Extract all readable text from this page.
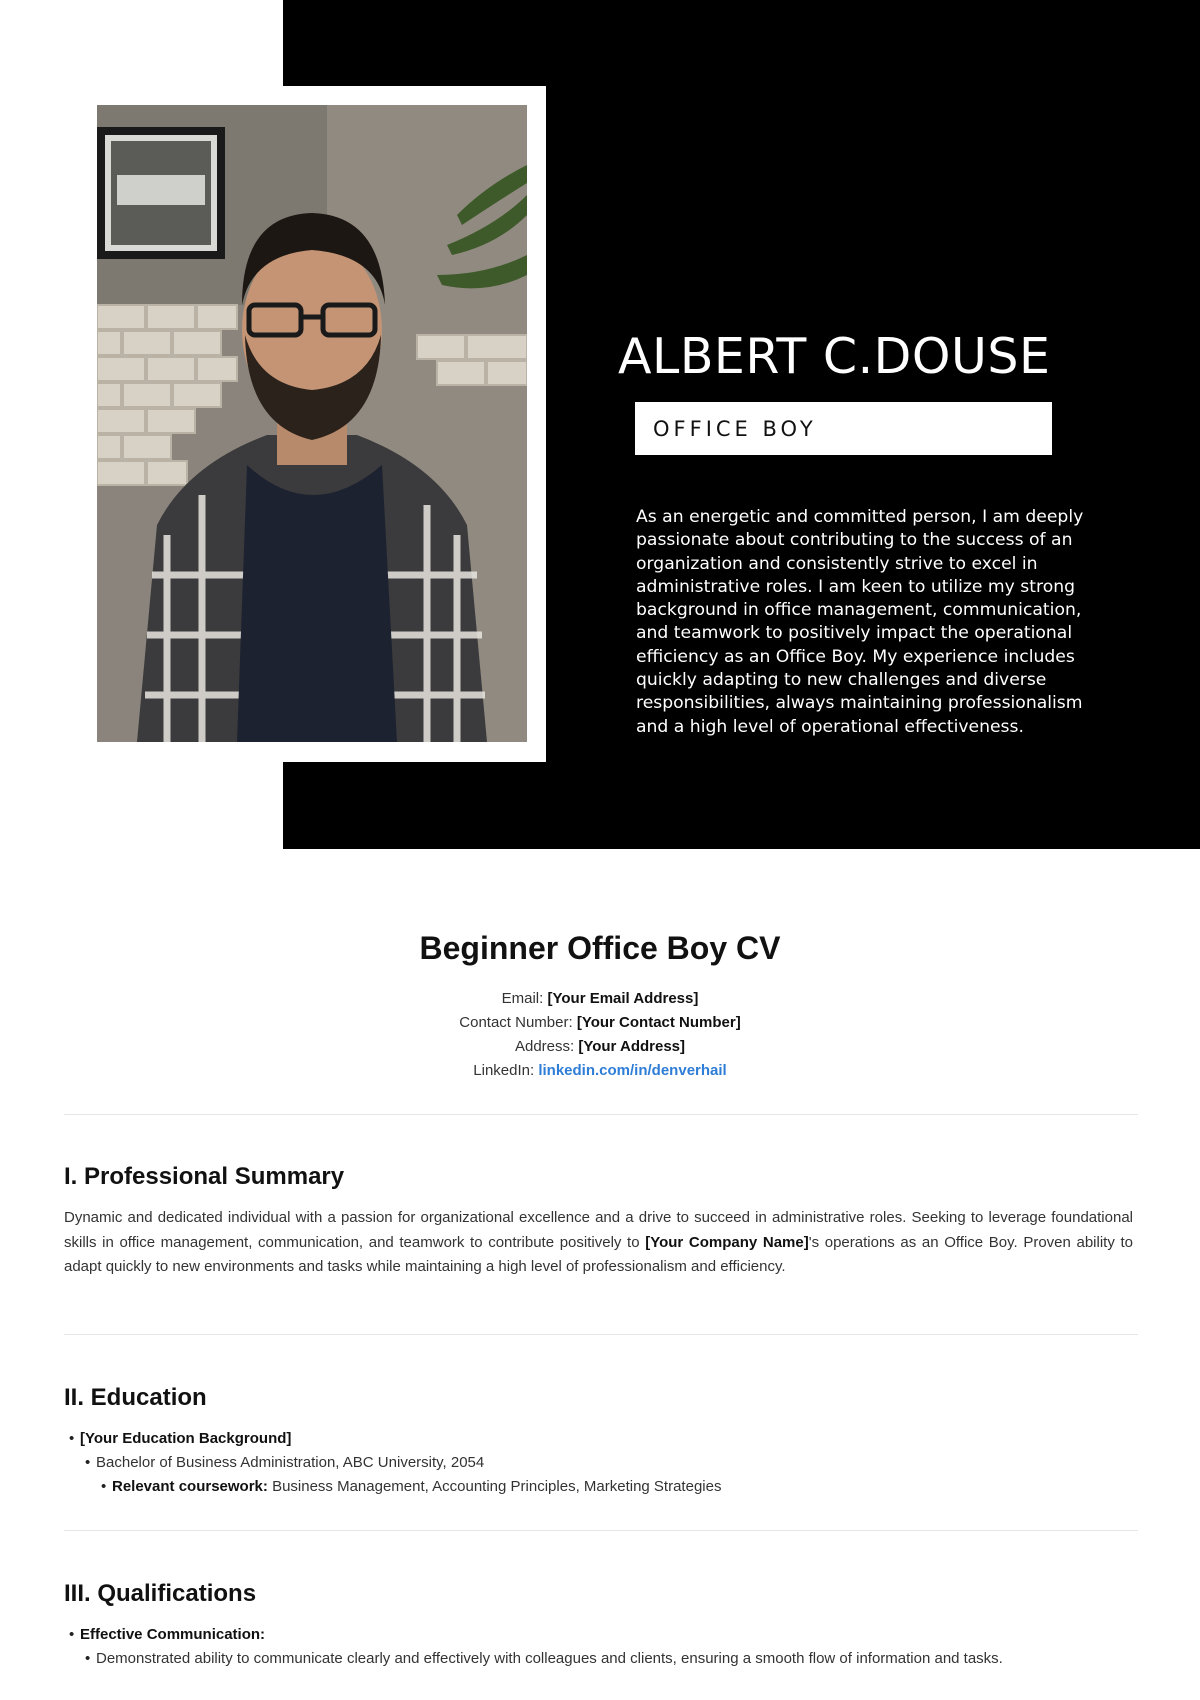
ALBERT C.DOUSE
OFFICE BOY
As an energetic and committed person, I am deeply passionate about contributing to the success of an organization and consistently strive to excel in administrative roles. I am keen to utilize my strong background in office management, communication, and teamwork to positively impact the operational efficiency as an Office Boy. My experience includes quickly adapting to new challenges and diverse responsibilities, always maintaining professionalism and a high level of operational effectiveness.
Beginner Office Boy CV
Email: [Your Email Address]
Contact Number: [Your Contact Number]
Address: [Your Address]
LinkedIn: linkedin.com/in/denverhail
I. Professional Summary

Dynamic and dedicated individual with a passion for organizational excellence and a drive to succeed in administrative roles. Seeking to leverage foundational skills in office management, communication, and teamwork to contribute positively to [Your Company Name]'s operations as an Office Boy. Proven ability to adapt quickly to new environments and tasks while maintaining a high level of professionalism and efficiency.

II. Education
• [Your Education Background]
• Bachelor of Business Administration, ABC University, 2054
• Relevant coursework: Business Management, Accounting Principles, Marketing Strategies
III. Qualifications
• Effective Communication:
• Demonstrated ability to communicate clearly and effectively with colleagues and clients, ensuring a smooth flow of information and tasks.
